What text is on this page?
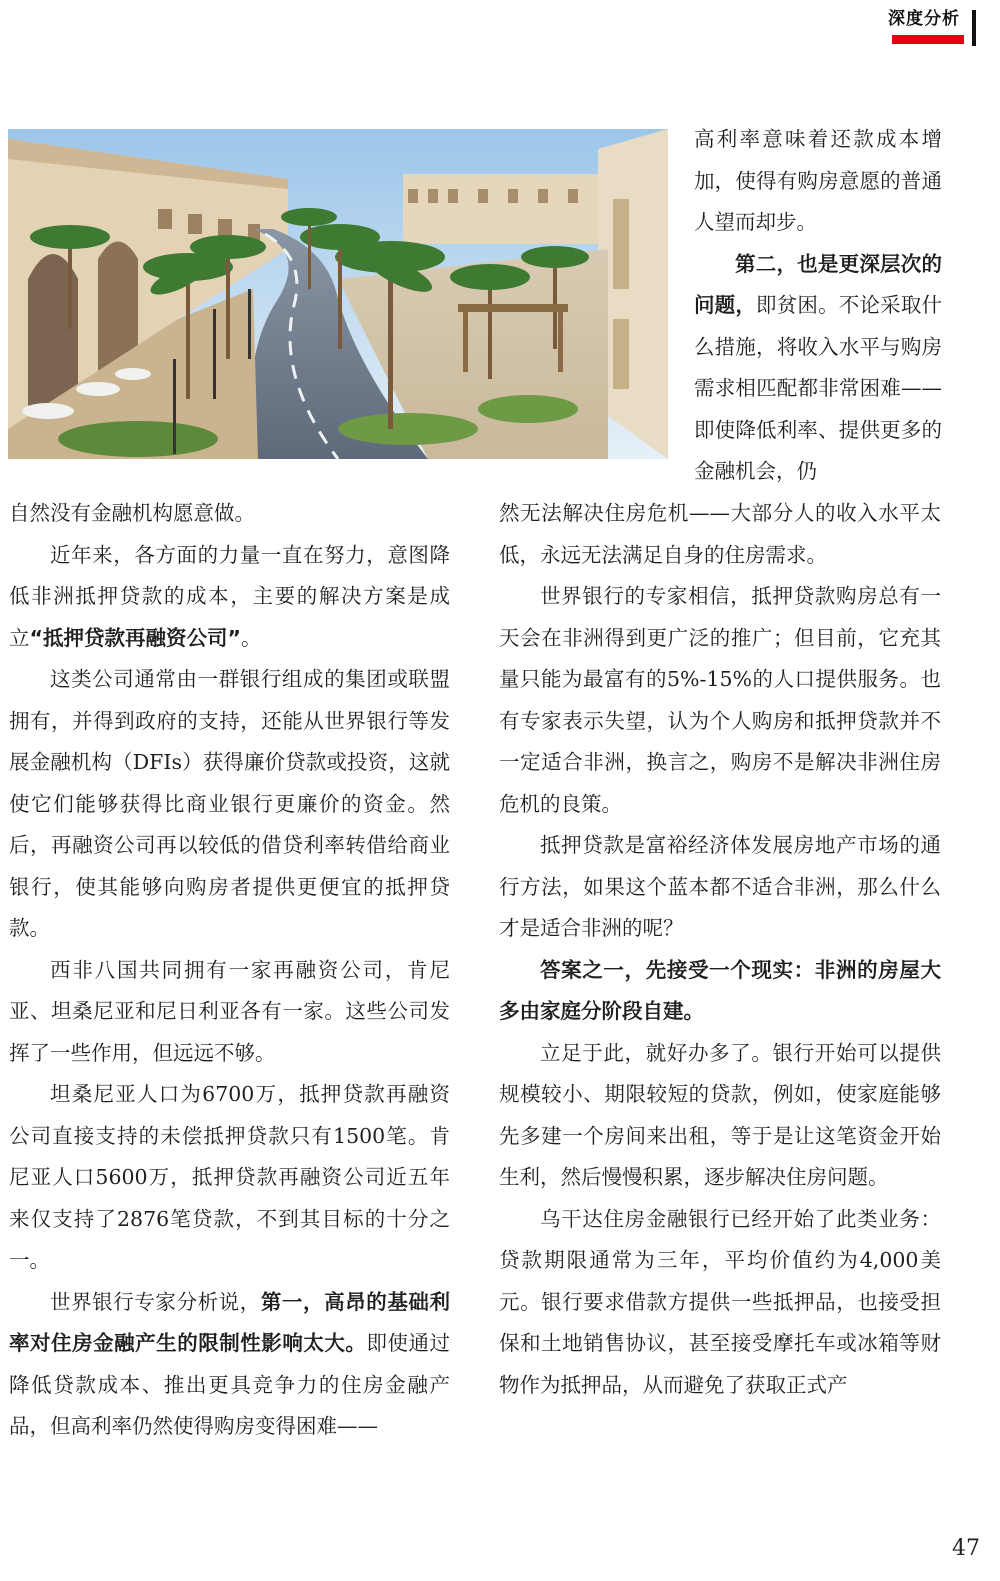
深度分析

高利率意味着还款成本增加，使得有购房意愿的普通人望而却步。

第二，也是更深层次的问题，即贫困。不论采取什么措施，将收入水平与购房需求相匹配都非常困难——即使降低利率、提供更多的金融机会，仍

自然没有金融机构愿意做。

近年来，各方面的力量一直在努力，意图降低非洲抵押贷款的成本，主要的解决方案是成立“抵押贷款再融资公司”。

这类公司通常由一群银行组成的集团或联盟拥有，并得到政府的支持，还能从世界银行等发展金融机构（DFIs）获得廉价贷款或投资，这就使它们能够获得比商业银行更廉价的资金。然后，再融资公司再以较低的借贷利率转借给商业银行，使其能够向购房者提供更便宜的抵押贷款。

西非八国共同拥有一家再融资公司，肯尼亚、坦桑尼亚和尼日利亚各有一家。这些公司发挥了一些作用，但远远不够。

坦桑尼亚人口为6700万，抵押贷款再融资公司直接支持的未偿抵押贷款只有1500笔。肯尼亚人口5600万，抵押贷款再融资公司近五年来仅支持了2876笔贷款，不到其目标的十分之一。

世界银行专家分析说，第一，高昂的基础利率对住房金融产生的限制性影响太大。即使通过降低贷款成本、推出更具竞争力的住房金融产品，但高利率仍然使得购房变得困难——

然无法解决住房危机——大部分人的收入水平太低，永远无法满足自身的住房需求。

世界银行的专家相信，抵押贷款购房总有一天会在非洲得到更广泛的推广；但目前，它充其量只能为最富有的5%-15%的人口提供服务。也有专家表示失望，认为个人购房和抵押贷款并不一定适合非洲，换言之，购房不是解决非洲住房危机的良策。

抵押贷款是富裕经济体发展房地产市场的通行方法，如果这个蓝本都不适合非洲，那么什么才是适合非洲的呢？

答案之一，先接受一个现实：非洲的房屋大多由家庭分阶段自建。

立足于此，就好办多了。银行开始可以提供规模较小、期限较短的贷款，例如，使家庭能够先多建一个房间来出租，等于是让这笔资金开始生利，然后慢慢积累，逐步解决住房问题。

乌干达住房金融银行已经开始了此类业务：贷款期限通常为三年，平均价值约为4,000美元。银行要求借款方提供一些抵押品，也接受担保和土地销售协议，甚至接受摩托车或冰箱等财物作为抵押品，从而避免了获取正式产

47
